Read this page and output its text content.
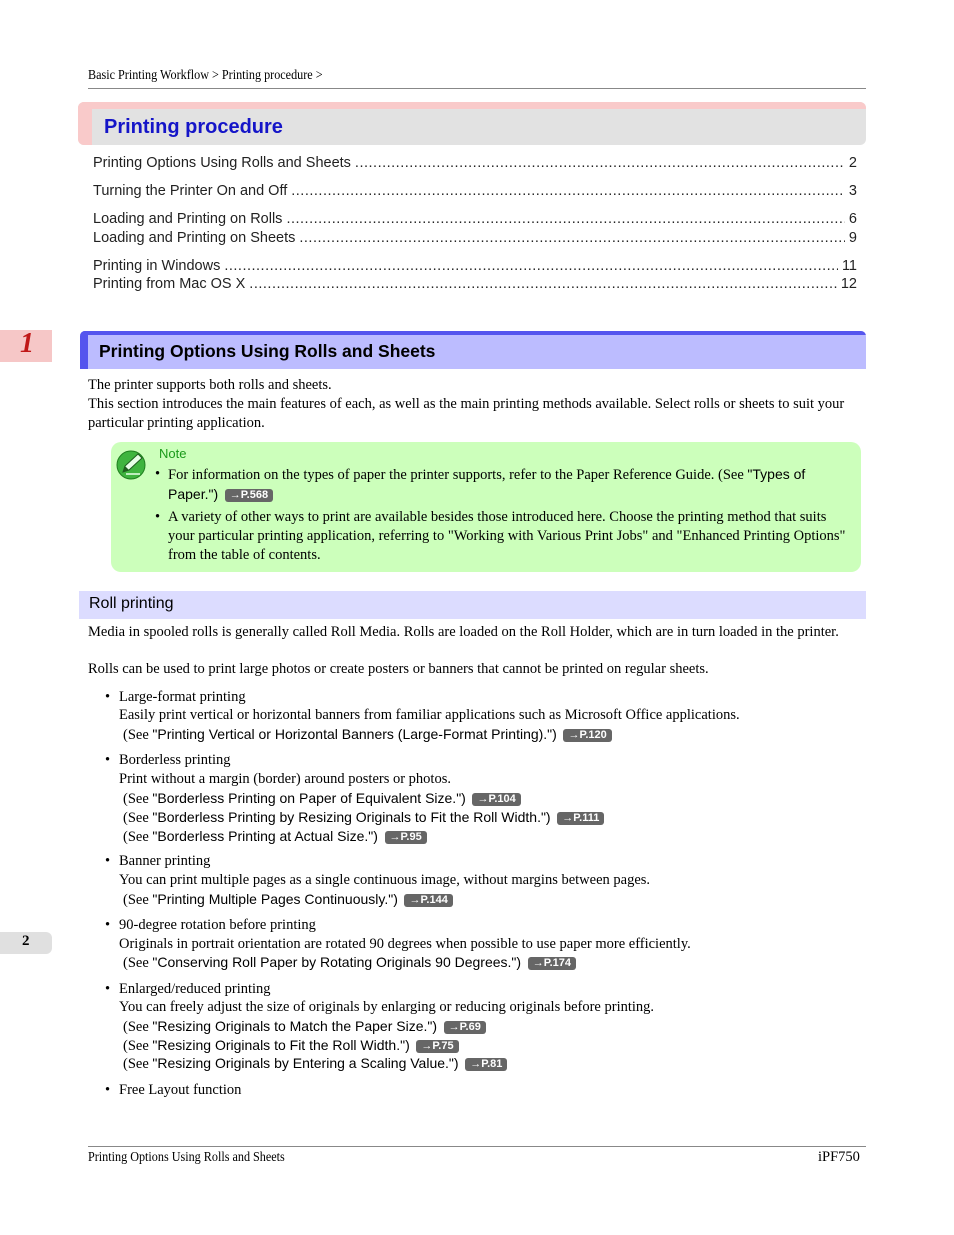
Basic Printing Workflow > Printing procedure >
Printing procedure
Printing Options Using Rolls and Sheets .....	2
Turning the Printer On and Off .....	3
Loading and Printing on Rolls .....	6
Loading and Printing on Sheets .....	9
Printing in Windows .....	11
Printing from Mac OS X .....	12
1	Printing Options Using Rolls and Sheets
The printer supports both rolls and sheets.
This section introduces the main features of each, as well as the main printing methods available. Select rolls or sheets to suit your particular printing application.
Note
• For information on the types of paper the printer supports, refer to the Paper Reference Guide. (See "Types of Paper.") →P.568
• A variety of other ways to print are available besides those introduced here. Choose the printing method that suits your particular printing application, referring to "Working with Various Print Jobs" and "Enhanced Printing Options" from the table of contents.
Roll printing
Media in spooled rolls is generally called Roll Media. Rolls are loaded on the Roll Holder, which are in turn loaded in the printer.
Rolls can be used to print large photos or create posters or banners that cannot be printed on regular sheets.
• Large-format printing
Easily print vertical or horizontal banners from familiar applications such as Microsoft Office applications.
(See "Printing Vertical or Horizontal Banners (Large-Format Printing).") →P.120
• Borderless printing
Print without a margin (border) around posters or photos.
(See "Borderless Printing on Paper of Equivalent Size.") →P.104
(See "Borderless Printing by Resizing Originals to Fit the Roll Width.") →P.111
(See "Borderless Printing at Actual Size.") →P.95
• Banner printing
You can print multiple pages as a single continuous image, without margins between pages.
(See "Printing Multiple Pages Continuously.") →P.144
• 90-degree rotation before printing
Originals in portrait orientation are rotated 90 degrees when possible to use paper more efficiently.
(See "Conserving Roll Paper by Rotating Originals 90 Degrees.") →P.174
• Enlarged/reduced printing
You can freely adjust the size of originals by enlarging or reducing originals before printing.
(See "Resizing Originals to Match the Paper Size.") →P.69
(See "Resizing Originals to Fit the Roll Width.") →P.75
(See "Resizing Originals by Entering a Scaling Value.") →P.81
• Free Layout function
2
Printing Options Using Rolls and Sheets	iPF750
